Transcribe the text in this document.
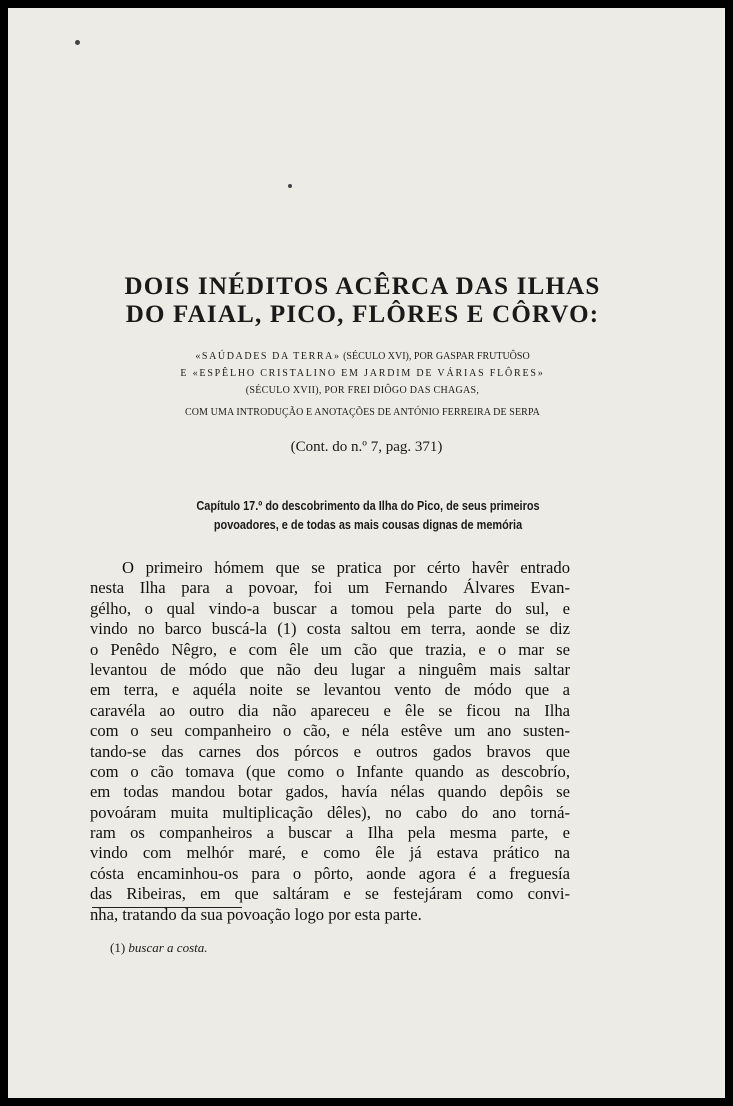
DOIS INÉDITOS ACÊRCA DAS ILHAS
DO FAIAL, PICO, FLÔRES E CÔRVO:

«SAÚDADES DA TERRA» (SÉCULO XVI), POR GASPAR FRUTUÔSO

E «ESPÊLHO CRISTALINO EM JARDIM DE VÁRIAS FLÔRES»

(SÉCULO XVII), POR FREI DIÔGO DAS CHAGAS,

COM UMA INTRODUÇÃO E ANOTAÇÕES DE ANTÓNIO FERREIRA DE SERPA

(Cont. do n.º 7, pag. 371)

Capítulo 17.º do descobrimento da Ilha do Pico, de seus primeiros
povoadores, e de todas as mais cousas dignas de memória
O primeiro hómem que se pratica por cérto havêr entrado
nesta Ilha para a povoar, foi um Fernando Álvares Evan-
gélho, o qual vindo-a buscar a tomou pela parte do sul, e
vindo no barco buscá-la (1) costa saltou em terra, aonde se diz
o Penêdo Nêgro, e com êle um cão que trazia, e o mar se
levantou de módo que não deu lugar a ninguêm mais saltar
em terra, e aquéla noite se levantou vento de módo que a
caravéla ao outro dia não apareceu e êle se ficou na Ilha
com o seu companheiro o cão, e néla estêve um ano susten-
tando-se das carnes dos pórcos e outros gados bravos que
com o cão tomava (que como o Infante quando as descobrío,
em todas mandou botar gados, havía nélas quando depôis se
povoáram muita multiplicação dêles), no cabo do ano torná-
ram os companheiros a buscar a Ilha pela mesma parte, e
vindo com melhór maré, e como êle já estava prático na
cósta encaminhou-os para o pôrto, aonde agora é a freguesía
das Ribeiras, em que saltáram e se festejáram como convi-
nha, tratando da sua povoação logo por esta parte.

(1) buscar a costa.
